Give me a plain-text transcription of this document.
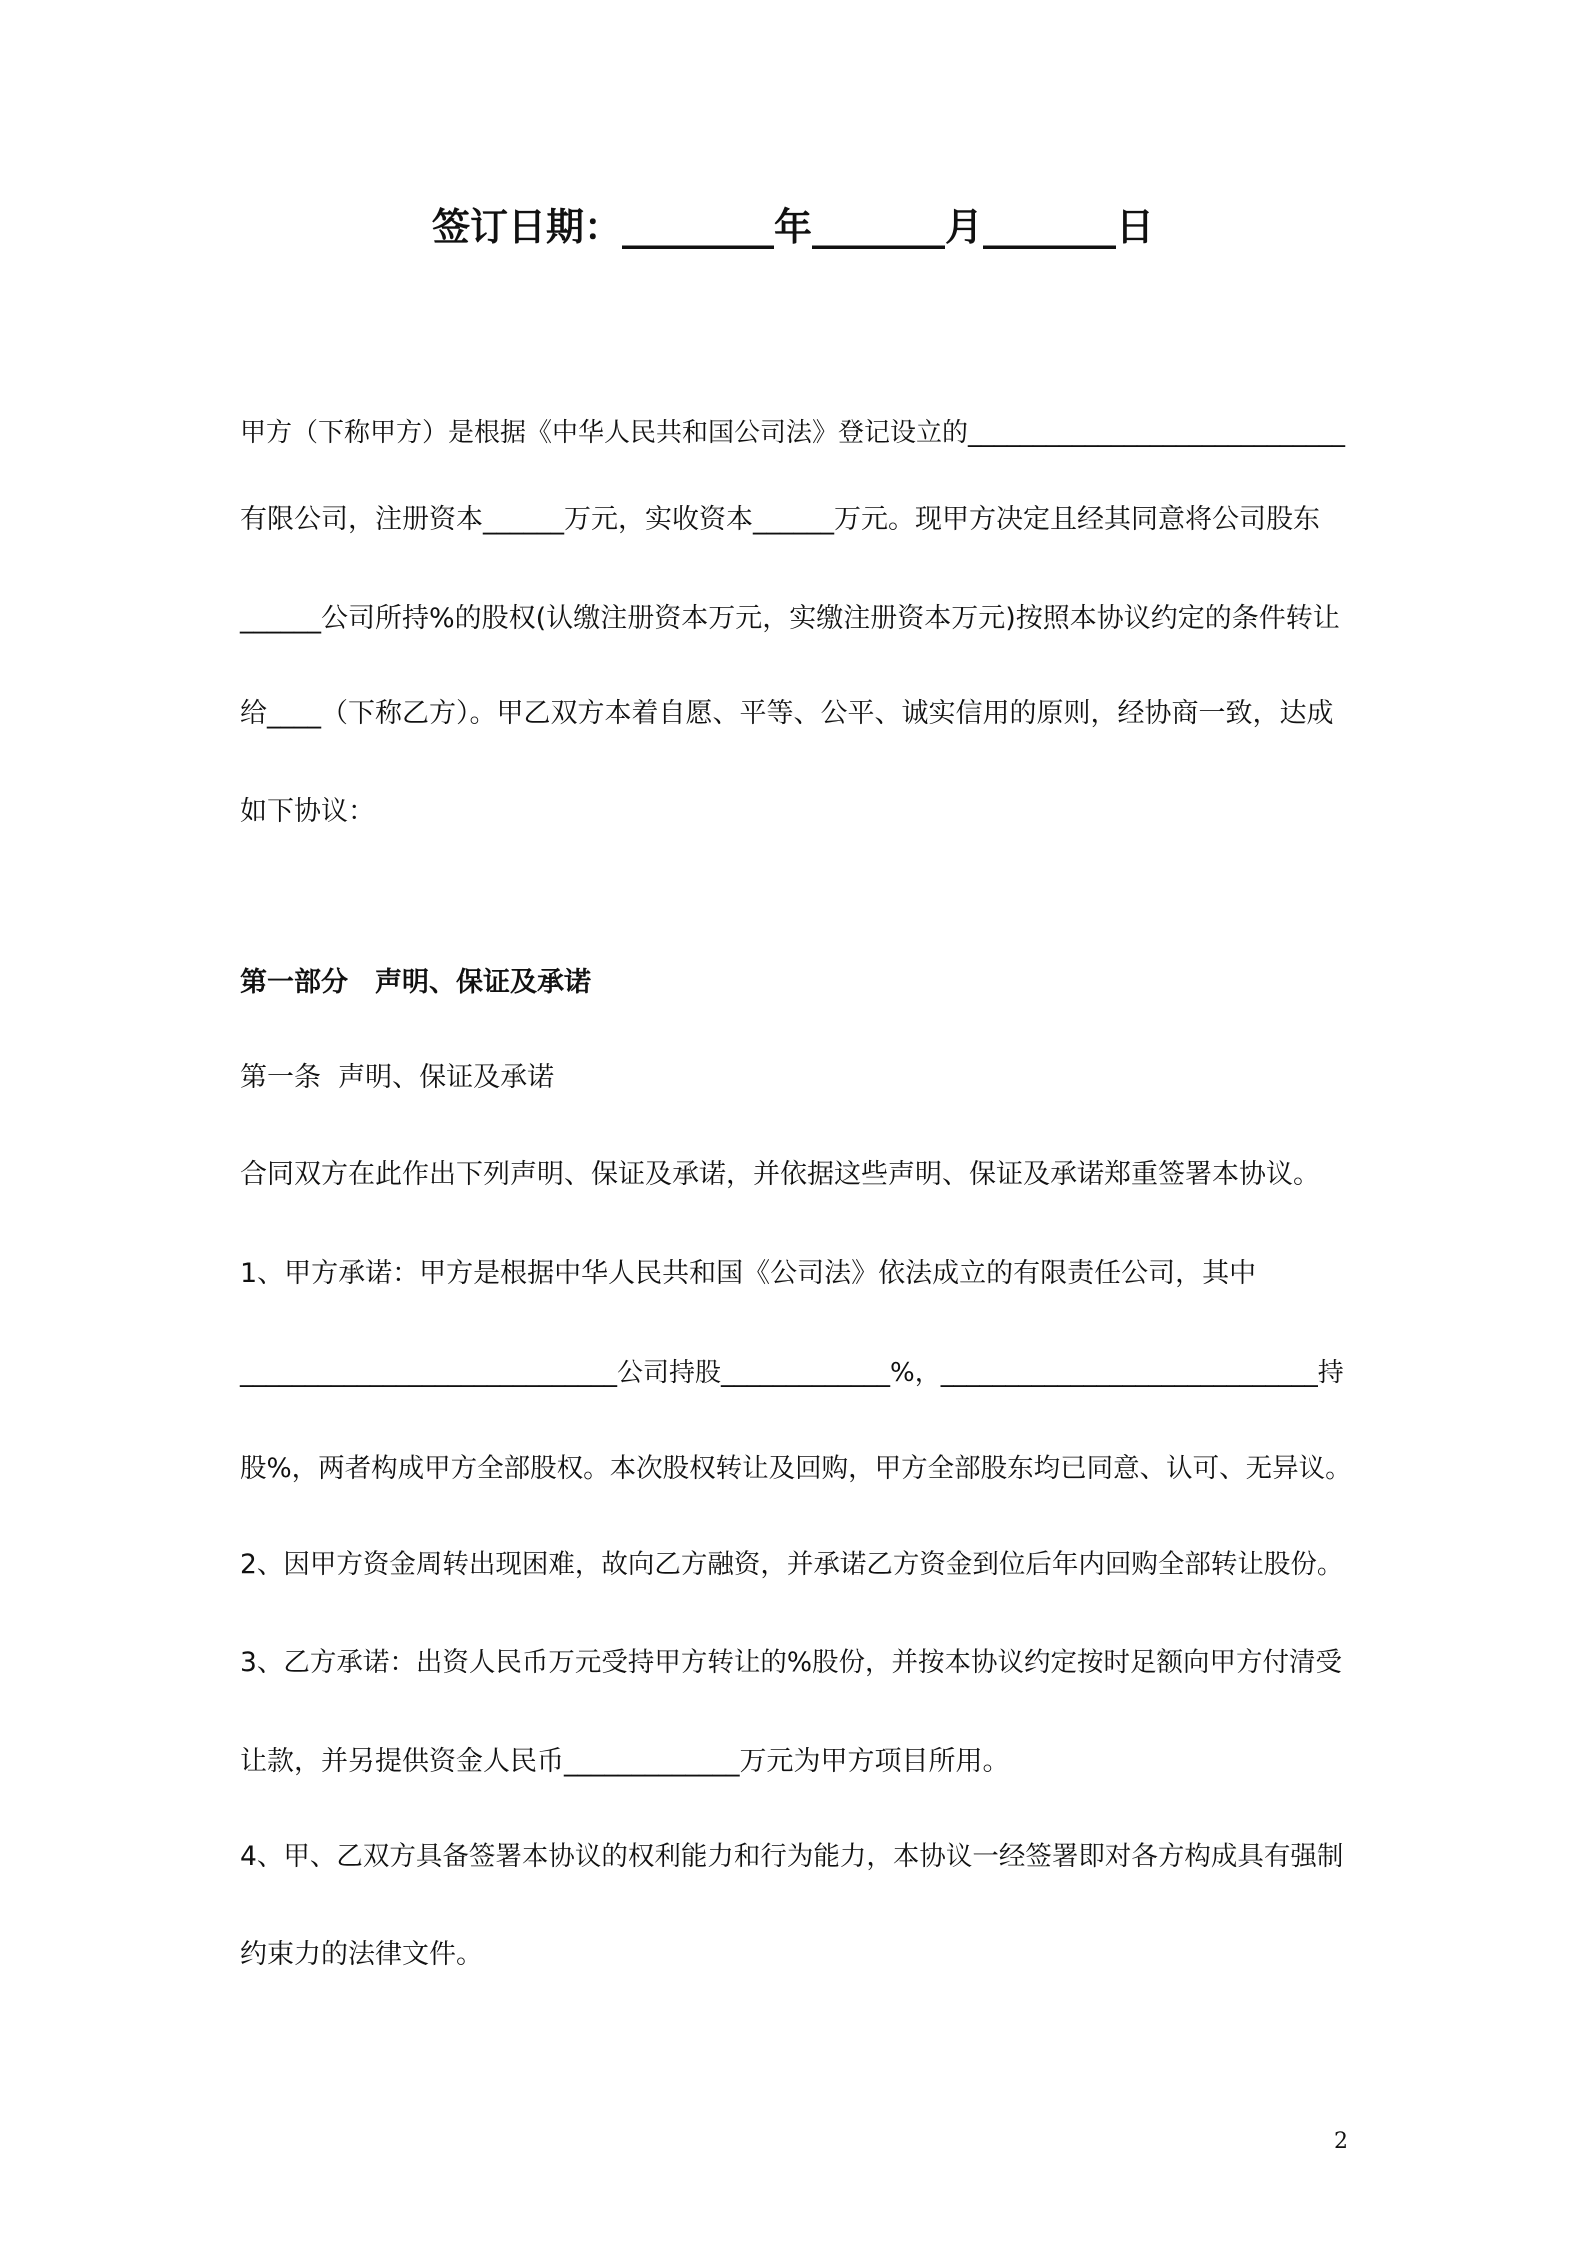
签订日期：________年_______月_______日
甲方（下称甲方）是根据《中华人民共和国公司法》登记设立的_____________________________
有限公司，注册资本______万元，实收资本______万元。现甲方决定且经其同意将公司股东
______公司所持%的股权(认缴注册资本万元，实缴注册资本万元)按照本协议约定的条件转让
给____（下称乙方）。甲乙双方本着自愿、平等、公平、诚实信用的原则，经协商一致，达成
如下协议：
第一部分　声明、保证及承诺
第一条  声明、保证及承诺
合同双方在此作出下列声明、保证及承诺，并依据这些声明、保证及承诺郑重签署本协议。
1、甲方承诺：甲方是根据中华人民共和国《公司法》依法成立的有限责任公司，其中
_____________________________公司持股_____________%，_____________________________持
股%，两者构成甲方全部股权。本次股权转让及回购，甲方全部股东均已同意、认可、无异议。
2、因甲方资金周转出现困难，故向乙方融资，并承诺乙方资金到位后年内回购全部转让股份。
3、乙方承诺：出资人民币万元受持甲方转让的%股份，并按本协议约定按时足额向甲方付清受
让款，并另提供资金人民币_____________万元为甲方项目所用。
4、甲、乙双方具备签署本协议的权利能力和行为能力，本协议一经签署即对各方构成具有强制
约束力的法律文件。
2
